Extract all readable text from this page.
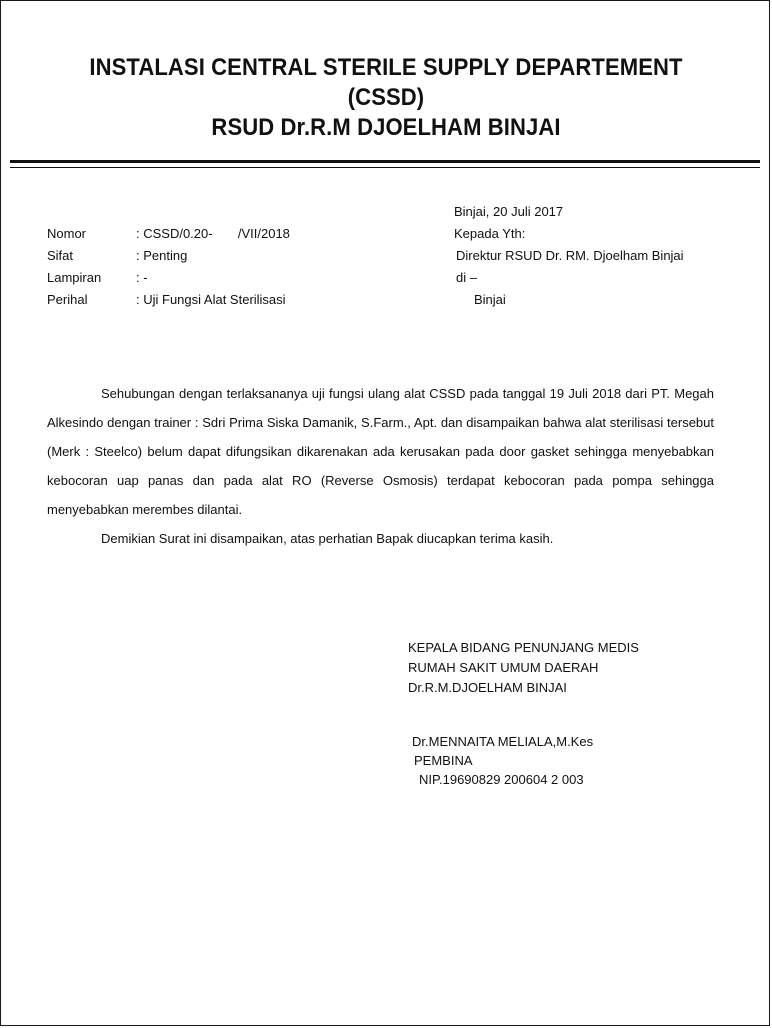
INSTALASI CENTRAL STERILE SUPPLY DEPARTEMENT
(CSSD)
RSUD Dr.R.M DJOELHAM BINJAI
Binjai, 20 Juli 2017
Nomor	: CSSD/0.20-       /VII/2018
Sifat	: Penting
Lampiran	: -
Perihal	: Uji Fungsi Alat Sterilisasi
Kepada Yth:
Direktur RSUD Dr. RM. Djoelham Binjai
di –
Binjai

Sehubungan dengan terlaksananya uji fungsi ulang alat CSSD pada tanggal 19 Juli 2018 dari PT. Megah Alkesindo dengan trainer : Sdri Prima Siska Damanik, S.Farm., Apt. dan disampaikan bahwa alat sterilisasi tersebut (Merk : Steelco) belum dapat difungsikan dikarenakan ada kerusakan pada door gasket sehingga menyebabkan kebocoran uap panas dan pada alat RO (Reverse Osmosis) terdapat kebocoran pada pompa sehingga menyebabkan merembes dilantai.

Demikian Surat ini disampaikan, atas perhatian Bapak diucapkan terima kasih.

KEPALA BIDANG PENUNJANG MEDIS
RUMAH SAKIT UMUM DAERAH
Dr.R.M.DJOELHAM BINJAI
Dr.MENNAITA MELIALA,M.Kes
PEMBINA
NIP.19690829 200604 2 003
